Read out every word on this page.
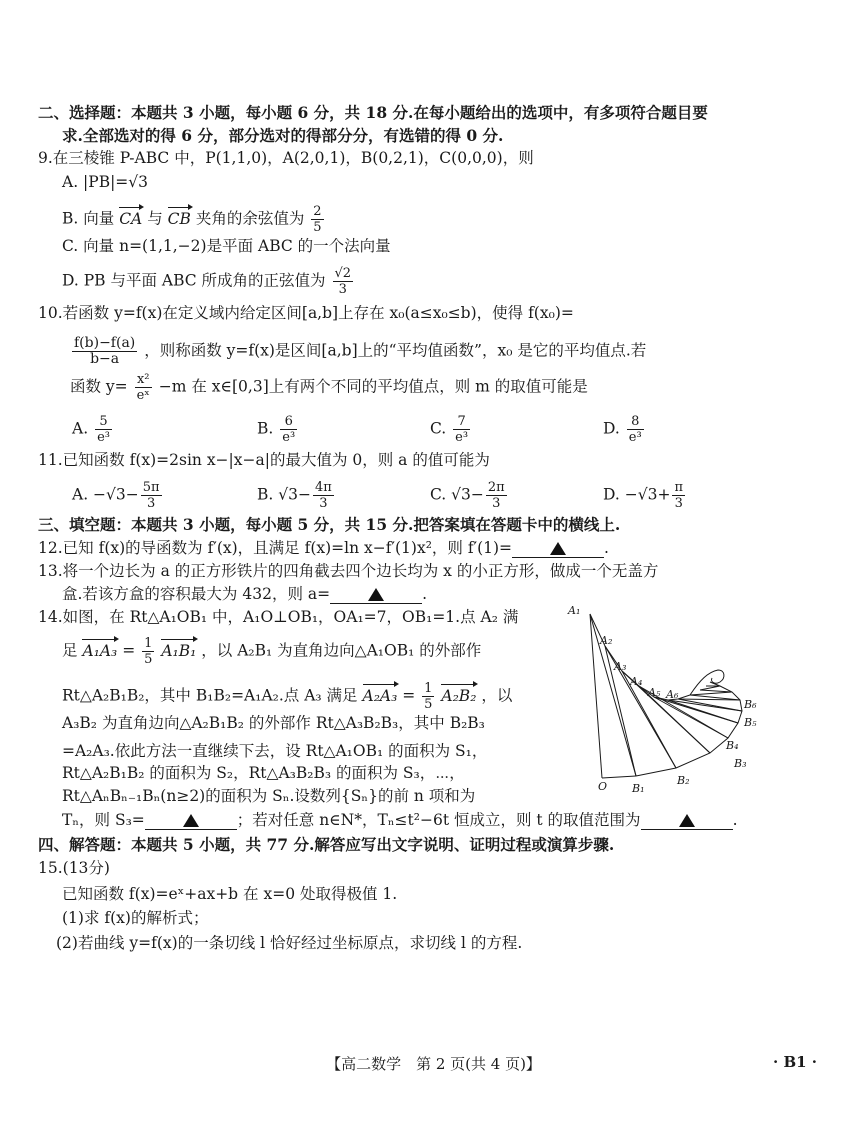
二、选择题：本题共 3 小题，每小题 6 分，共 18 分.在每小题给出的选项中，有多项符合题目要
求.全部选对的得 6 分，部分选对的得部分分，有选错的得 0 分.
9.在三棱锥 P-ABC 中，P(1,1,0)，A(2,0,1)，B(0,2,1)，C(0,0,0)，则
A. |PB|=√3
B. 向量 CA 与 CB 夹角的余弦值为 $\frac{2}{5}$
C. 向量 n=(1,1,−2)是平面 ABC 的一个法向量
D. PB 与平面 ABC 所成角的正弦值为 $\frac{√2}{3}$
10.若函数 y=f(x)在定义域内给定区间[a,b]上存在 x₀(a≤x₀≤b)，使得 f(x₀)=
$\frac{f(b)-f(a)}{b-a}$ ，则称函数 y=f(x)是区间[a,b]上的“平均值函数”，x₀ 是它的平均值点.若
函数 $y= \frac{\text{x²}}{\text{eˣ}} -m$ 在 x∈[0,3]上有两个不同的平均值点，则 m 的取值可能是
A. $\frac{5}{\text{e³}}$	B. $\frac{6}{\text{e³}}$	C. $\frac{7}{\text{e³}}$	D. $\frac{8}{\text{e³}}$
11.已知函数 f(x)=2sin x−|x−a|的最大值为 0，则 a 的值可能为
A. $-√3- \frac{5\pi}{3}$	B. $√3- \frac{4\pi}{3}$	C. $√3- \frac{2\pi}{3}$	D. $-√3+ \frac{\pi}{3}$
三、填空题：本题共 3 小题，每小题 5 分，共 15 分.把答案填在答题卡中的横线上.
12.已知 f(x)的导函数为 f′(x)，且满足 f(x)=ln x−f′(1)x²，则 f′(1)=	.
13.将一个边长为 a 的正方形铁片的四角截去四个边长均为 x 的小正方形，做成一个无盖方
盒.若该方盒的容积最大为 432，则 a=	.
14.如图，在 Rt△A₁OB₁ 中，A₁O⊥OB₁，OA₁=7，OB₁=1.点 A₂ 满
足 $A_1A_3 = \frac{1}{5} A_1B_1$ ，以 A₂B₁ 为直角边向△A₁OB₁ 的外部作
Rt△A₂B₁B₂，其中 B₁B₂=A₁A₂.点 A₃ 满足 $A_2A_3 = \frac{1}{5} A_2B_2$ ，以
A₃B₂ 为直角边向△A₂B₁B₂ 的外部作 Rt△A₃B₂B₃，其中 B₂B₃
=A₂A₃.依此方法一直继续下去，设 Rt△A₁OB₁ 的面积为 S₁，
Rt△A₂B₁B₂ 的面积为 S₂，Rt△A₃B₂B₃ 的面积为 S₃，⋯，
Rt△AₙBₙ₋₁Bₙ(n≥2)的面积为 Sₙ.设数列{Sₙ}的前 n 项和为
Tₙ，则 S₃=	；若对任意 n∈N*，Tₙ≤t²−6t 恒成立，则 t 的取值范围为	.
A₁
A₂
A₃
A₄
A₅ A₆
O B₁
B₂
B₃
B₄
B₅
B₆
四、解答题：本题共 5 小题，共 77 分.解答应写出文字说明、证明过程或演算步骤.
15.(13分)
已知函数 f(x)=eˣ+ax+b 在 x=0 处取得极值 1.
(1)求 f(x)的解析式；
(2)若曲线 y=f(x)的一条切线 l 恰好经过坐标原点，求切线 l 的方程.
【高二数学　第 2 页(共 4 页)】	· B1 ·
